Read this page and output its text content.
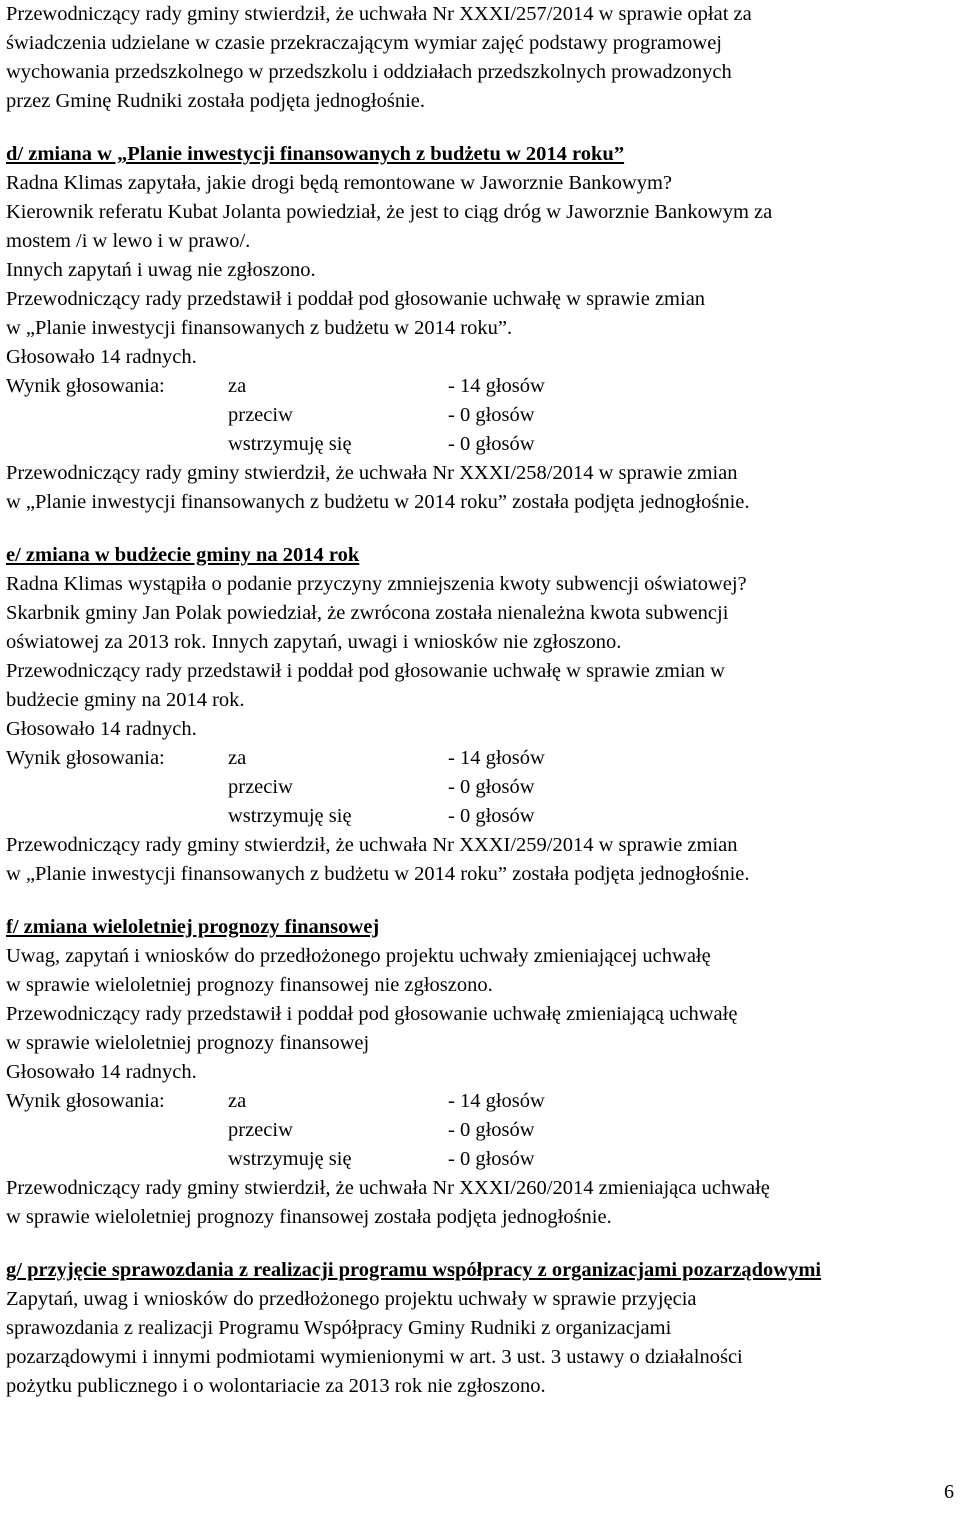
Przewodniczący rady gminy stwierdził, że uchwała Nr XXXI/257/2014 w sprawie opłat za
świadczenia udzielane w czasie przekraczającym wymiar zajęć podstawy programowej
wychowania przedszkolnego w przedszkolu i oddziałach przedszkolnych prowadzonych
przez Gminę Rudniki została podjęta jednogłośnie.
d/ zmiana w „Planie inwestycji finansowanych z budżetu w 2014 roku”
Radna Klimas zapytała, jakie drogi będą remontowane w Jaworznie Bankowym?
Kierownik referatu Kubat Jolanta powiedział, że jest to ciąg dróg w Jaworznie Bankowym za
mostem /i w lewo i w prawo/.
Innych zapytań i uwag nie zgłoszono.
Przewodniczący rady przedstawił i poddał pod głosowanie uchwałę w sprawie zmian
w „Planie inwestycji finansowanych z budżetu w 2014 roku”.
Głosowało 14 radnych.
Wynik głosowania:	za	- 14 głosów
przeciw	- 0 głosów
wstrzymuję się	- 0 głosów
Przewodniczący rady gminy stwierdził, że uchwała Nr XXXI/258/2014 w sprawie zmian
w „Planie inwestycji finansowanych z budżetu w 2014 roku” została podjęta jednogłośnie.
e/ zmiana w budżecie gminy na 2014 rok
Radna Klimas wystąpiła o podanie przyczyny zmniejszenia kwoty subwencji oświatowej?
Skarbnik gminy Jan Polak powiedział, że zwrócona została nienależna kwota subwencji
oświatowej za 2013 rok. Innych zapytań, uwagi i wniosków nie zgłoszono.
Przewodniczący rady przedstawił i poddał pod głosowanie uchwałę w sprawie zmian w
budżecie gminy na 2014 rok.
Głosowało 14 radnych.
Wynik głosowania:	za	- 14 głosów
przeciw	- 0 głosów
wstrzymuję się	- 0 głosów
Przewodniczący rady gminy stwierdził, że uchwała Nr XXXI/259/2014 w sprawie zmian
w „Planie inwestycji finansowanych z budżetu w 2014 roku” została podjęta jednogłośnie.
f/ zmiana wieloletniej prognozy finansowej
Uwag, zapytań i wniosków do przedłożonego projektu uchwały zmieniającej uchwałę
w sprawie wieloletniej prognozy finansowej nie zgłoszono.
Przewodniczący rady przedstawił i poddał pod głosowanie uchwałę zmieniającą uchwałę
w sprawie wieloletniej prognozy finansowej
Głosowało 14 radnych.
Wynik głosowania:	za	- 14 głosów
przeciw	- 0 głosów
wstrzymuję się	- 0 głosów
Przewodniczący rady gminy stwierdził, że uchwała Nr XXXI/260/2014 zmieniająca uchwałę
w sprawie wieloletniej prognozy finansowej została podjęta jednogłośnie.
g/ przyjęcie sprawozdania z realizacji programu współpracy z organizacjami pozarządowymi
Zapytań, uwag i wniosków do przedłożonego projektu uchwały w sprawie przyjęcia
sprawozdania z realizacji Programu Współpracy Gminy Rudniki z organizacjami
pozarządowymi i innymi podmiotami wymienionymi w art. 3 ust. 3 ustawy o działalności
pożytku publicznego i o wolontariacie za 2013 rok nie zgłoszono.
6
